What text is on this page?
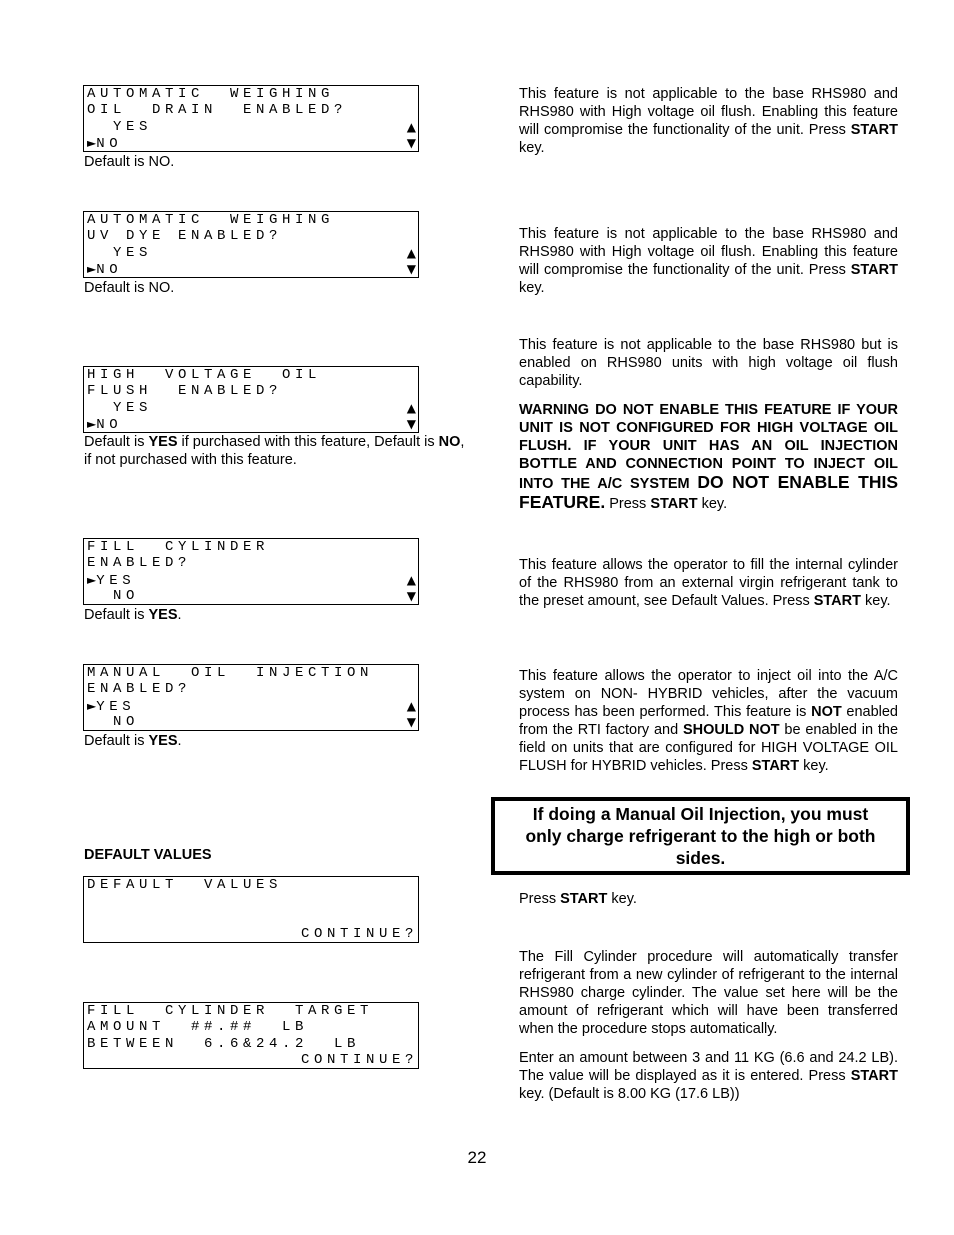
AUTOMATIC  WEIGHING
OIL  DRAIN  ENABLED?
YES	▲
►NO	▼
Default is NO.

This feature is not applicable to the base RHS980 and RHS980 with High voltage oil flush. Enabling this feature will compromise the functionality of the unit. Press START key.

AUTOMATIC  WEIGHING
UV DYE ENABLED?
YES	▲
►NO	▼
Default is NO.

This feature is not applicable to the base RHS980 and RHS980 with High voltage oil flush. Enabling this feature will compromise the functionality of the unit. Press START key.

HIGH  VOLTAGE  OIL
FLUSH  ENABLED?
YES	▲
►NO	▼
Default is YES if purchased with this feature, Default is NO, if not purchased with this feature.

This feature is not applicable to the base RHS980 but is enabled on RHS980 units with high voltage oil flush capability.

WARNING DO NOT ENABLE THIS FEATURE IF YOUR UNIT IS NOT CONFIGURED FOR HIGH VOLTAGE OIL FLUSH. IF YOUR UNIT HAS AN OIL INJECTION BOTTLE AND CONNECTION POINT TO INJECT OIL INTO THE A/C SYSTEM DO NOT ENABLE THIS FEATURE. Press START key.

FILL  CYLINDER
ENABLED?
►YES	▲
NO	▼
Default is YES.

This feature allows the operator to fill the internal cylinder of the RHS980 from an external virgin refrigerant tank to the preset amount, see Default Values. Press START key.

MANUAL  OIL  INJECTION
ENABLED?
►YES	▲
NO	▼
Default is YES.

This feature allows the operator to inject oil into the A/C system on NON- HYBRID vehicles, after the vacuum process has been performed. This feature is NOT enabled from the RTI factory and SHOULD NOT be enabled in the field on units that are configured for HIGH VOLTAGE OIL FLUSH for HYBRID vehicles. Press START key.

If doing a Manual Oil Injection, you must only charge refrigerant to the high or both sides.
DEFAULT VALUES
DEFAULT  VALUES
CONTINUE?

Press START key.

FILL  CYLINDER  TARGET
AMOUNT  ##.##  LB
BETWEEN  6.6&24.2  LB
CONTINUE?

The Fill Cylinder procedure will automatically transfer refrigerant from a new cylinder of refrigerant to the internal RHS980 charge cylinder. The value set here will be the amount of refrigerant which will have been transferred when the procedure stops automatically.

Enter an amount between 3 and 11 KG (6.6 and 24.2 LB). The value will be displayed as it is entered. Press START key. (Default is 8.00 KG (17.6 LB))

22
